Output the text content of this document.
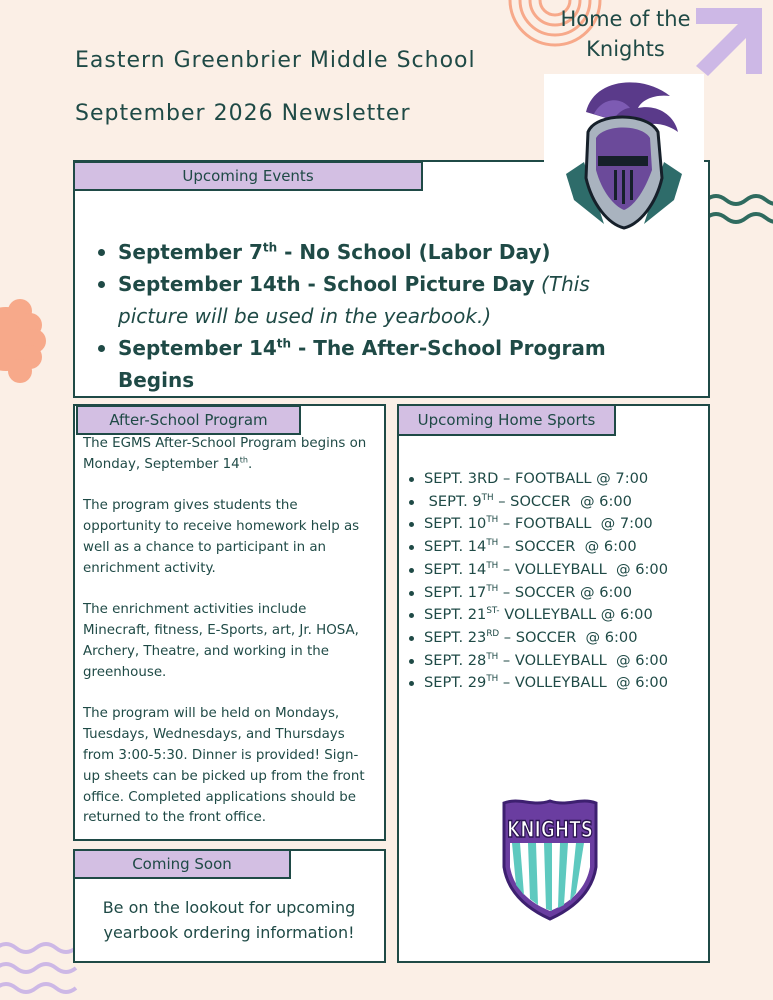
Eastern Greenbrier Middle School
September 2026 Newsletter
Upcoming Events
Home of the Knights
September 7th - No School (Labor Day)
September 14th - School Picture Day (This picture will be used in the yearbook.)
September 14th - The After-School Program Begins
After-School Program

The EGMS After-School Program begins on Monday, September 14th.

The program gives students the opportunity to receive homework help as well as a chance to participant in an enrichment activity.

The enrichment activities include Minecraft, fitness, E-Sports, art, Jr. HOSA, Archery, Theatre, and working in the greenhouse.

The program will be held on Mondays, Tuesdays, Wednesdays, and Thursdays from 3:00-5:30. Dinner is provided! Sign-up sheets can be picked up from the front office. Completed applications should be returned to the front office.

Upcoming Home Sports
SEPT. 3RD – FOOTBALL @ 7:00
SEPT. 9TH – SOCCER  @ 6:00
SEPT. 10TH – FOOTBALL  @ 7:00
SEPT. 14TH – SOCCER  @ 6:00
SEPT. 14TH – VOLLEYBALL  @ 6:00
SEPT. 17TH – SOCCER @ 6:00
SEPT. $21^{ST-}$ VOLLEYBALL @ 6:00
SEPT. 23RD – SOCCER  @ 6:00
SEPT. 28TH – VOLLEYBALL  @ 6:00
SEPT. 29TH – VOLLEYBALL  @ 6:00
KNIGHTS
Coming Soon
Be on the lookout for upcoming yearbook ordering information!
